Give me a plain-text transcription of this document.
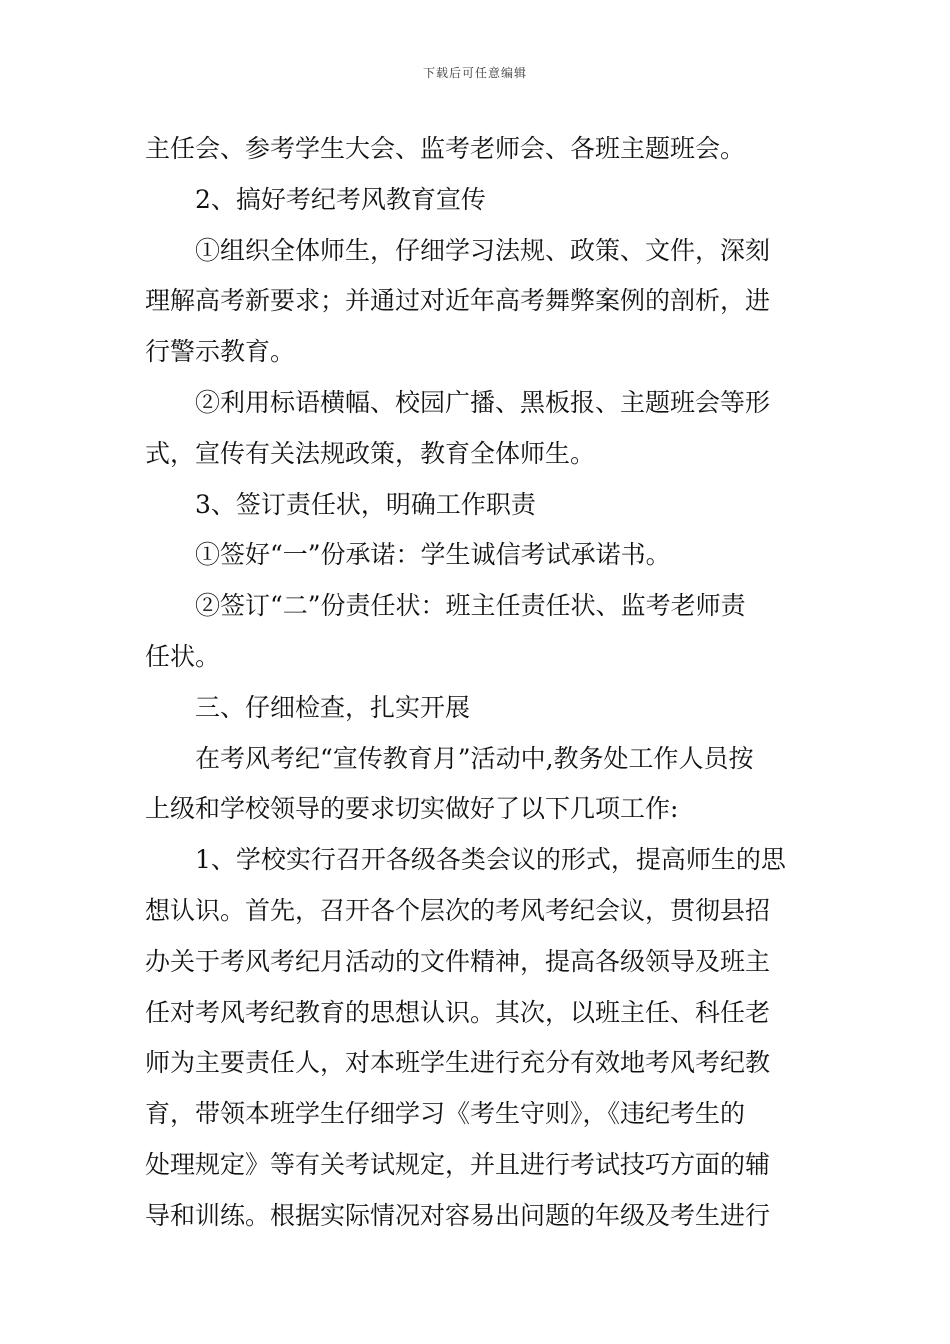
下载后可任意编辑
主任会、参考学生大会、监考老师会、各班主题班会。
2、搞好考纪考风教育宣传
①组织全体师生，仔细学习法规、政策、文件，深刻
理解高考新要求；并通过对近年高考舞弊案例的剖析，进
行警示教育。
②利用标语横幅、校园广播、黑板报、主题班会等形
式，宣传有关法规政策，教育全体师生。
3、签订责任状，明确工作职责
①签好“一”份承诺：学生诚信考试承诺书。
②签订“二”份责任状：班主任责任状、监考老师责
任状。
三、仔细检查，扎实开展
在考风考纪“宣传教育月”活动中,教务处工作人员按
上级和学校领导的要求切实做好了以下几项工作:
1、学校实行召开各级各类会议的形式，提高师生的思
想认识。首先，召开各个层次的考风考纪会议，贯彻县招
办关于考风考纪月活动的文件精神，提高各级领导及班主
任对考风考纪教育的思想认识。其次，以班主任、科任老
师为主要责任人，对本班学生进行充分有效地考风考纪教
育，带领本班学生仔细学习《考生守则》，《违纪考生的
处理规定》等有关考试规定，并且进行考试技巧方面的辅
导和训练。根据实际情况对容易出问题的年级及考生进行
